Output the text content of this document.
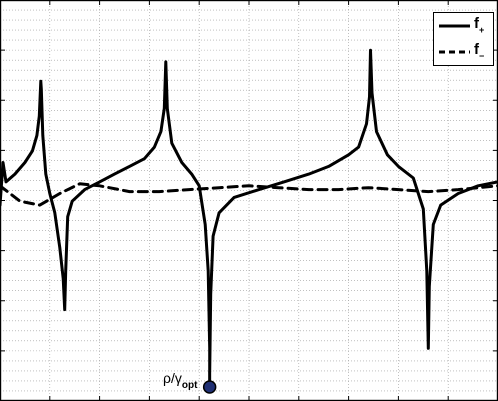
$\rho/\gamma_{opt}$
$f_+$
$f_-$
